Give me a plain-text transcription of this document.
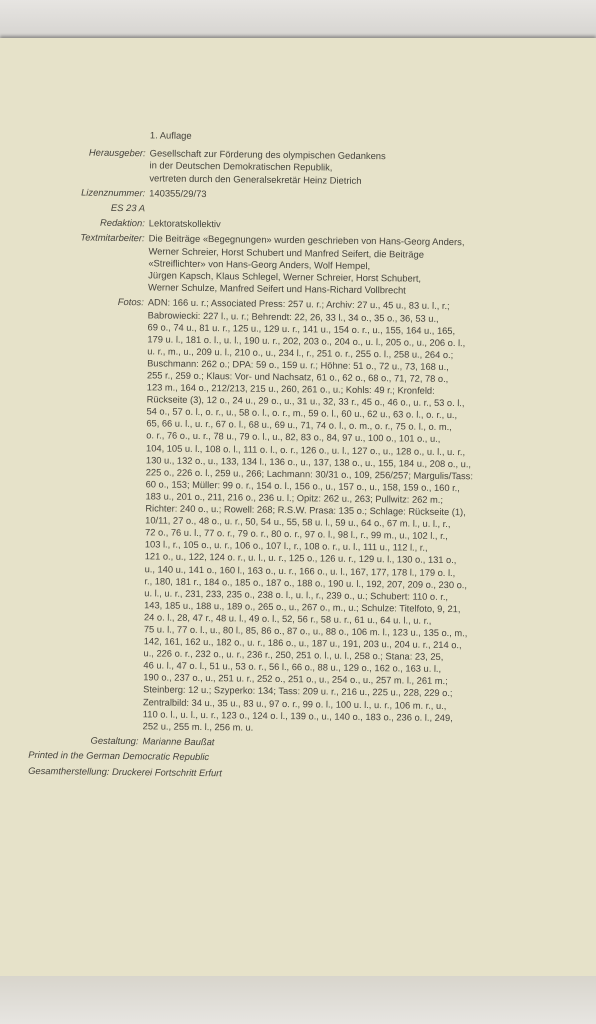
1. Auflage
Herausgeber: Gesellschaft zur Förderung des olympischen Gedankens
in der Deutschen Demokratischen Republik,
vertreten durch den Generalsekretär Heinz Dietrich
Lizenznummer: 140355/29/73
ES 23 A
Redaktion: Lektoratskollektiv
Textmitarbeiter: Die Beiträge «Begegnungen» wurden geschrieben von Hans-Georg Anders,
Werner Schreier, Horst Schubert und Manfred Seifert, die Beiträge
«Streiflichter» von Hans-Georg Anders, Wolf Hempel,
Jürgen Kapsch, Klaus Schlegel, Werner Schreier, Horst Schubert,
Werner Schulze, Manfred Seifert und Hans-Richard Vollbrecht
Fotos: ADN: 166 u. r.; Associated Press: 257 u. r.; Archiv: 27 u., 45 u., 83 u. l., r.;
Babrowiecki: 227 l., u. r.; Behrendt: 22, 26, 33 l., 34 o., 35 o., 36, 53 u.,
69 o., 74 u., 81 u. r., 125 u., 129 u. r., 141 u., 154 o. r., u., 155, 164 u., 165,
179 u. l., 181 o. l., u. l., 190 u. r., 202, 203 o., 204 o., u. l., 205 o., u., 206 o. l.,
u. r., m., u., 209 u. l., 210 o., u., 234 l., r., 251 o. r., 255 o. l., 258 u., 264 o.;
Buschmann: 262 o.; DPA: 59 o., 159 u. r.; Höhne: 51 o., 72 u., 73, 168 u.,
255 r., 259 o.; Klaus: Vor- und Nachsatz, 61 o., 62 o., 68 o., 71, 72, 78 o.,
123 m., 164 o., 212/213, 215 u., 260, 261 o., u.; Kohls: 49 r.; Kronfeld:
Rückseite (3), 12 o., 24 u., 29 o., u., 31 u., 32, 33 r., 45 o., 46 o., u. r., 53 o. l.,
54 o., 57 o. l., o. r., u., 58 o. l., o. r., m., 59 o. l., 60 u., 62 u., 63 o. l., o. r., u.,
65, 66 u. l., u. r., 67 o. l., 68 u., 69 u., 71, 74 o. l., o. m., o. r., 75 o. l., o. m.,
o. r., 76 o., u. r., 78 u., 79 o. l., u., 82, 83 o., 84, 97 u., 100 o., 101 o., u.,
104, 105 u. l., 108 o. l., 111 o. l., o. r., 126 o., u. l., 127 o., u., 128 o., u. l., u. r.,
130 u., 132 o., u., 133, 134 l., 136 o., u., 137, 138 o., u., 155, 184 u., 208 o., u.,
225 o., 226 o. l., 259 u., 266; Lachmann: 30/31 o., 109, 256/257; Margulis/Tass:
60 o., 153; Müller: 99 o. r., 154 o. l., 156 o., u., 157 o., u., 158, 159 o., 160 r.,
183 u., 201 o., 211, 216 o., 236 u. l.; Opitz: 262 u., 263; Pullwitz: 262 m.;
Richter: 240 o., u.; Rowell: 268; R.S.W. Prasa: 135 o.; Schlage: Rückseite (1),
10/11, 27 o., 48 o., u. r., 50, 54 u., 55, 58 u. l., 59 u., 64 o., 67 m. l., u. l., r.,
72 o., 76 u. l., 77 o. r., 79 o. r., 80 o. r., 97 o. l., 98 l., r., 99 m., u., 102 l., r.,
103 l., r., 105 o., u. r., 106 o., 107 l., r., 108 o. r., u. l., 111 u., 112 l., r.,
121 o., u., 122, 124 o. r., u. l., u. r., 125 o., 126 u. r., 129 u. l., 130 o., 131 o.,
u., 140 u., 141 o., 160 l., 163 o., u. r., 166 o., u. l., 167, 177, 178 l., 179 o. l.,
r., 180, 181 r., 184 o., 185 o., 187 o., 188 o., 190 u. l., 192, 207, 209 o., 230 o.,
u. l., u. r., 231, 233, 235 o., 238 o. l., u. l., r., 239 o., u.; Schubert: 110 o. r.,
143, 185 u., 188 u., 189 o., 265 o., u., 267 o., m., u.; Schulze: Titelfoto, 9, 21,
24 o. l., 28, 47 r., 48 u. l., 49 o. l., 52, 56 r., 58 u. r., 61 u., 64 u. l., u. r.,
75 u. l., 77 o. l., u., 80 l., 85, 86 o., 87 o., u., 88 o., 106 m. l., 123 u., 135 o., m.,
142, 161, 162 u., 182 o., u. r., 186 o., u., 187 u., 191, 203 u., 204 u. r., 214 o.,
u., 226 o. r., 232 o., u. r., 236 r., 250, 251 o. l., u. l., 258 o.; Stana: 23, 25,
46 u. l., 47 o. l., 51 u., 53 o. r., 56 l., 66 o., 88 u., 129 o., 162 o., 163 u. l.,
190 o., 237 o., u., 251 u. r., 252 o., 251 o., u., 254 o., u., 257 m. l., 261 m.;
Steinberg: 12 u.; Szyperko: 134; Tass: 209 u. r., 216 u., 225 u., 228, 229 o.;
Zentralbild: 34 u., 35 u., 83 u., 97 o. r., 99 o. l., 100 u. l., u. r., 106 m. r., u.,
110 o. l., u. l., u. r., 123 o., 124 o. l., 139 o., u., 140 o., 183 o., 236 o. l., 249,
252 u., 255 m. l., 256 m. u.
Gestaltung: Marianne Baußat
Printed in the German Democratic Republic
Gesamtherstellung: Druckerei Fortschritt Erfurt
